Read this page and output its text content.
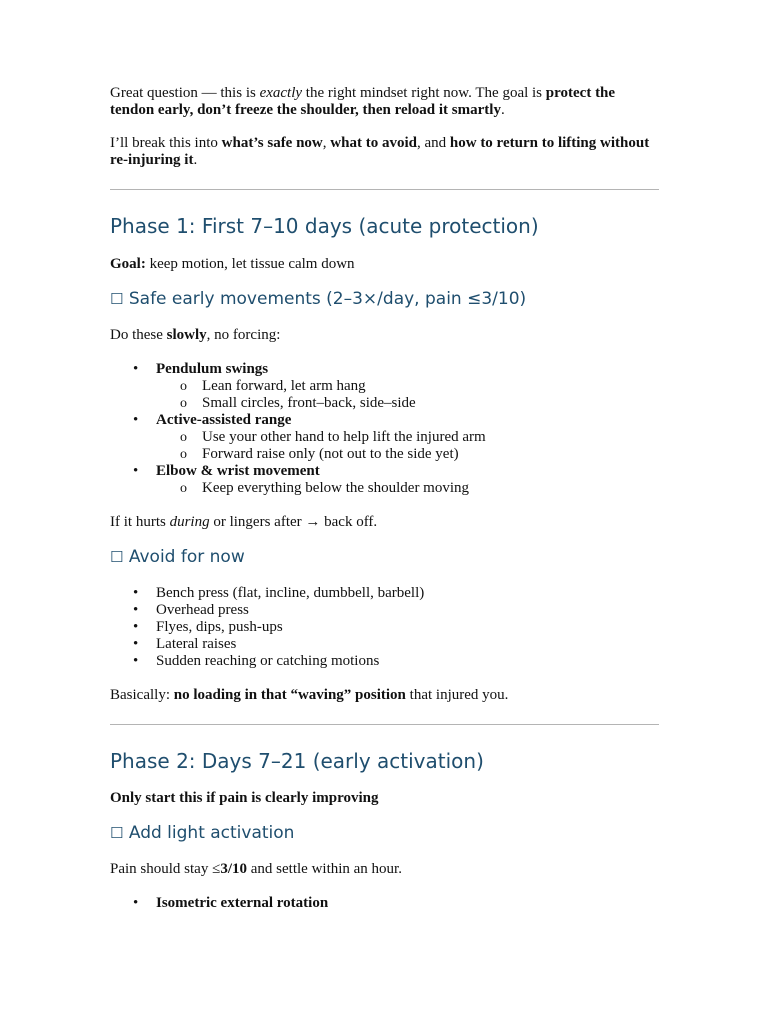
Great question — this is exactly the right mindset right now. The goal is protect the tendon early, don’t freeze the shoulder, then reload it smartly.

I’ll break this into what’s safe now, what to avoid, and how to return to lifting without re-injuring it.

Phase 1: First 7–10 days (acute protection)

Goal: keep motion, let tissue calm down

☐ Safe early movements (2–3×/day, pain ≤3/10)

Do these slowly, no forcing:

• Pendulum swings
o Lean forward, let arm hang
o Small circles, front–back, side–side
• Active-assisted range
o Use your other hand to help lift the injured arm
o Forward raise only (not out to the side yet)
• Elbow & wrist movement
o Keep everything below the shoulder moving

If it hurts during or lingers after → back off.

☐ Avoid for now
• Bench press (flat, incline, dumbbell, barbell)
• Overhead press
• Flyes, dips, push-ups
• Lateral raises
• Sudden reaching or catching motions

Basically: no loading in that “waving” position that injured you.

Phase 2: Days 7–21 (early activation)

Only start this if pain is clearly improving

☐ Add light activation

Pain should stay ≤3/10 and settle within an hour.

• Isometric external rotation
